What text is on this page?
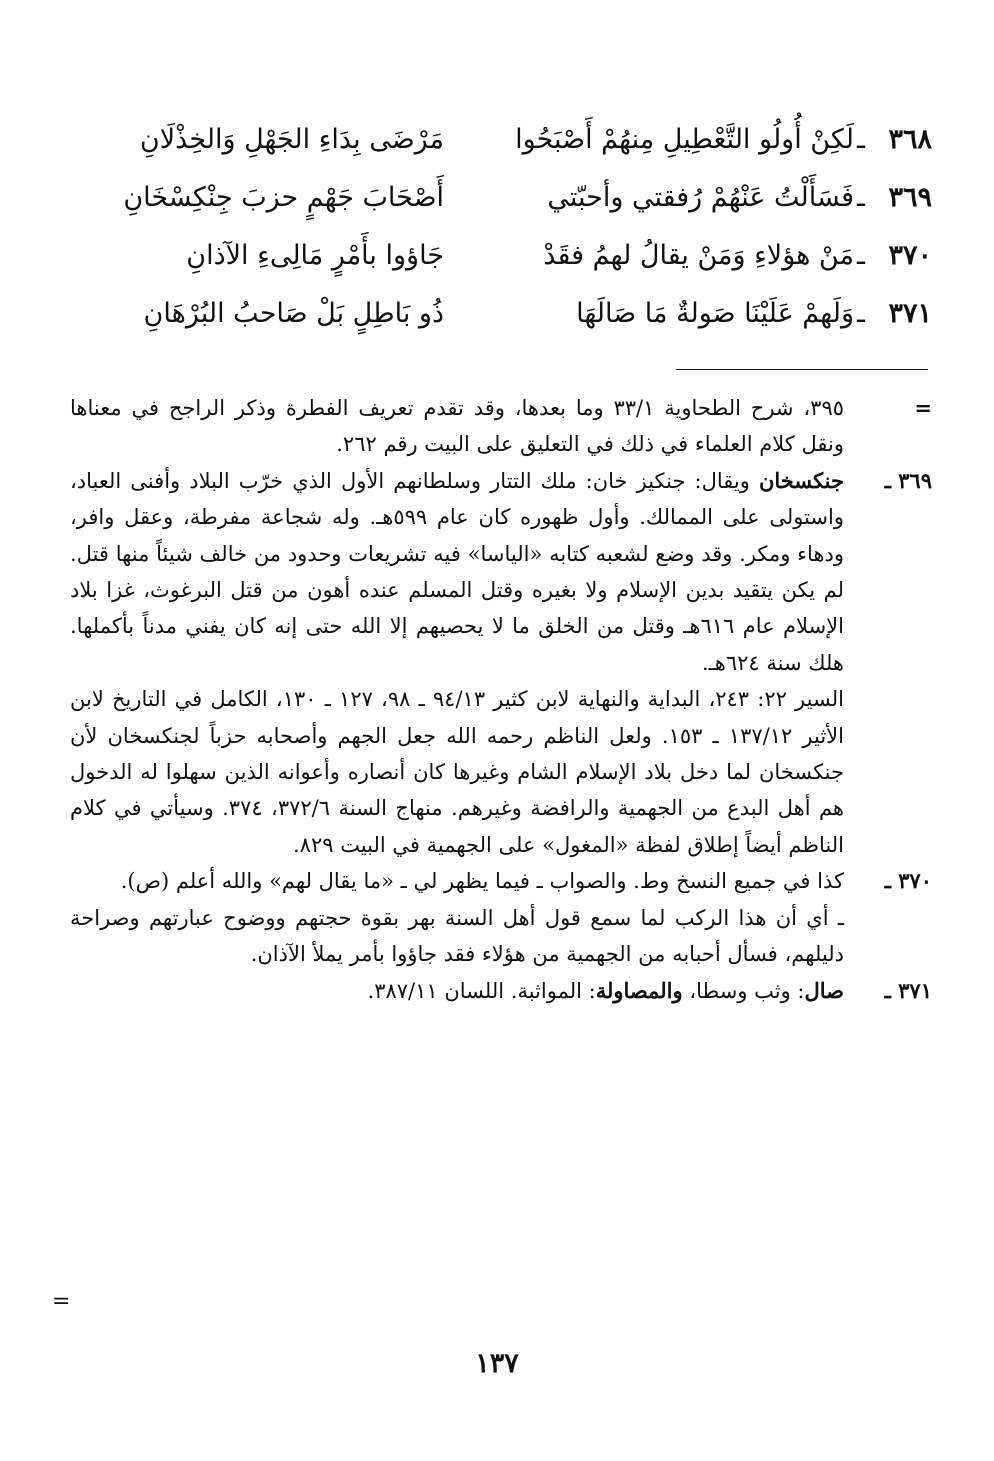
٣٦٨
ـ
لَكِنْ أُولُو التَّعْطِيلِ مِنهُمْ أَصْبَحُوا
مَرْضَى بِدَاءِ الجَهْلِ وَالخِذْلَانِ
٣٦٩
ـ
فَسَأَلْتُ عَنْهُمْ رُفقتي وأحبّتي
أَصْحَابَ جَهْمٍ حزبَ جِنْكِسْخَانِ
٣٧٠
ـ
مَنْ هؤلاءِ وَمَنْ يقالُ لهمُ فقَدْ
جَاؤوا بأَمْرٍ مَالِىءِ الآذانِ
٣٧١
ـ
وَلَهمْ عَلَيْنَا صَولةٌ مَا صَالَهَا
ذُو بَاطِلٍ بَلْ صَاحبُ البُرْهَانِ
=

٣٩٥، شرح الطحاوية ٣٣/١ وما بعدها، وقد تقدم تعريف الفطرة وذكر الراجح في معناها ونقل كلام العلماء في ذلك في التعليق على البيت رقم ٢٦٢.

٣٦٩ ـ

جنكسخان ويقال: جنكيز خان: ملك التتار وسلطانهم الأول الذي خرّب البلاد وأفنى العباد، واستولى على الممالك. وأول ظهوره كان عام ٥٩٩هـ. وله شجاعة مفرطة، وعقل وافر، ودهاء ومكر. وقد وضع لشعبه كتابه «الياسا» فيه تشريعات وحدود من خالف شيئاً منها قتل. لم يكن يتقيد بدين الإسلام ولا بغيره وقتل المسلم عنده أهون من قتل البرغوث، غزا بلاد الإسلام عام ٦١٦هـ وقتل من الخلق ما لا يحصيهم إلا الله حتى إنه كان يفني مدناً بأكملها. هلك سنة ٦٢٤هـ.

السير ٢٢: ٢٤٣، البداية والنهاية لابن كثير ٩٤/١٣ ـ ٩٨، ١٢٧ ـ ١٣٠، الكامل في التاريخ لابن الأثير ١٣٧/١٢ ـ ١٥٣. ولعل الناظم رحمه الله جعل الجهم وأصحابه حزباً لجنكسخان لأن جنكسخان لما دخل بلاد الإسلام الشام وغيرها كان أنصاره وأعوانه الذين سهلوا له الدخول هم أهل البدع من الجهمية والرافضة وغيرهم. منهاج السنة ٣٧٢/٦، ٣٧٤. وسيأتي في كلام الناظم أيضاً إطلاق لفظة «المغول» على الجهمية في البيت ٨٢٩.

٣٧٠ ـ

كذا في جميع النسخ وط. والصواب ـ فيما يظهر لي ـ «ما يقال لهم» والله أعلم (ص).

ـ أي أن هذا الركب لما سمع قول أهل السنة بهر بقوة حجتهم ووضوح عبارتهم وصراحة دليلهم، فسأل أحبابه من الجهمية من هؤلاء فقد جاؤوا بأمر يملأ الآذان.

٣٧١ ـ

صال: وثب وسطا، والمصاولة: المواثبة. اللسان ٣٨٧/١١.

=
١٣٧
